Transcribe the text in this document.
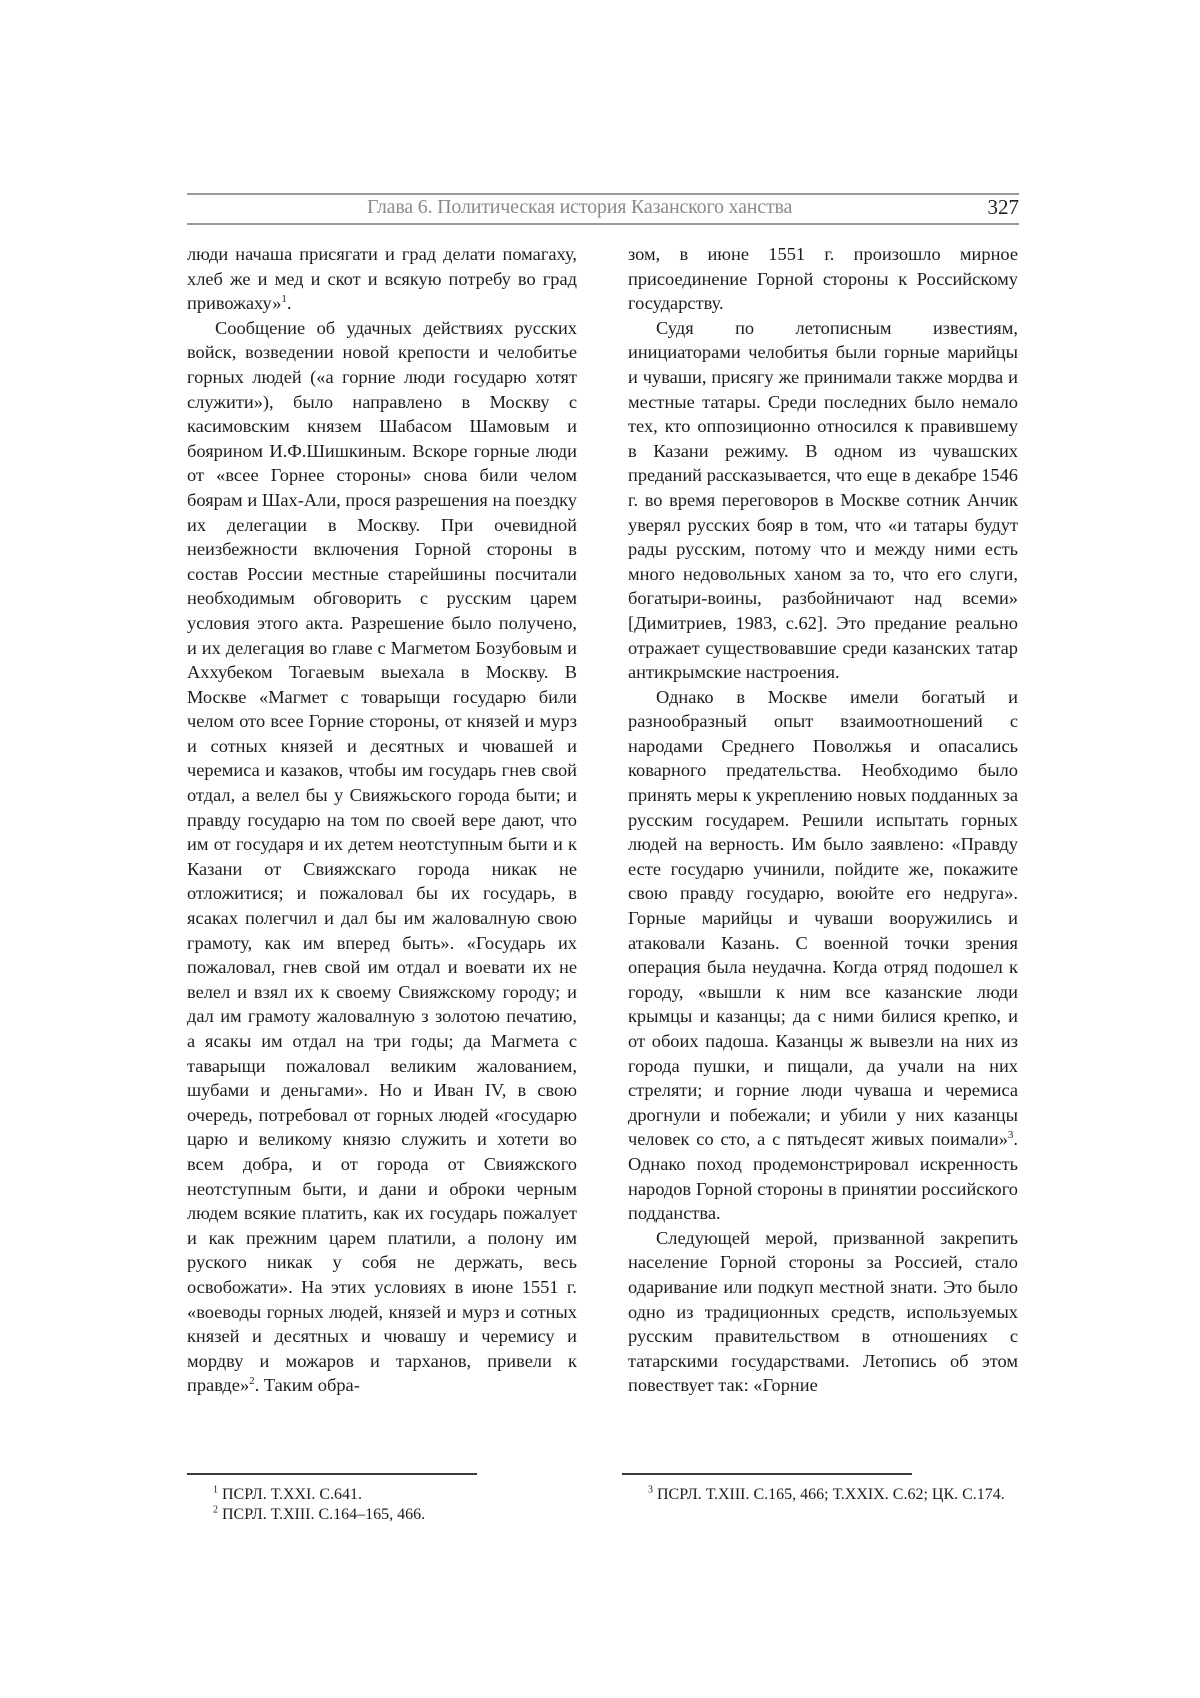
Глава 6. Политическая история Казанского ханства	327

люди начаша присягати и град делати помагаху, хлеб же и мед и скот и всякую потребу во град привожаху»$^1$.

Сообщение об удачных действиях русских войск, возведении новой крепости и челобитье горных людей («а горние люди государю хотят служити»), было направлено в Москву с касимовским князем Шабасом Шамовым и боярином И.Ф.Шишкиным. Вскоре горные люди от «всее Горнее стороны» снова били челом боярам и Шах-Али, прося разрешения на поездку их делегации в Москву. При очевидной неизбежности включения Горной стороны в состав России местные старейшины посчитали необходимым обговорить с русским царем условия этого акта. Разрешение было получено, и их делегация во главе с Магметом Бозубовым и Аххубеком Тогаевым выехала в Москву. В Москве «Магмет с товарыщи государю били челом ото всее Горние стороны, от князей и мурз и сотных князей и десятных и чювашей и черемиса и казаков, чтобы им государь гнев свой отдал, а велел бы у Свияжьского города быти; и правду государю на том по своей вере дают, что им от государя и их детем неотступным быти и к Казани от Свияжскаго города никак не отложитися; и пожаловал бы их государь, в ясаках полегчил и дал бы им жаловалную свою грамоту, как им вперед быть». «Государь их пожаловал, гнев свой им отдал и воевати их не велел и взял их к своему Свияжскому городу; и дал им грамоту жаловалную з золотою печатию, а ясакы им отдал на три годы; да Магмета с таварыщи пожаловал великим жалованием, шубами и деньгами». Но и Иван IV, в свою очередь, потребовал от горных людей «государю царю и великому князю служить и хотети во всем добра, и от города от Свияжского неотступным быти, и дани и оброки черным людем всякие платить, как их государь пожалует и как прежним царем платили, а полону им руского никак у собя не держать, весь освобожати». На этих условиях в июне 1551 г. «воеводы горных людей, князей и мурз и сотных князей и десятных и чювашу и черемису и мордву и можаров и тарханов, привели к правде»$^2$. Таким обра-

зом, в июне 1551 г. произошло мирное присоединение Горной стороны к Российскому государству.

Судя по летописным известиям, инициаторами челобитья были горные марийцы и чуваши, присягу же принимали также мордва и местные татары. Среди последних было немало тех, кто оппозиционно относился к правившему в Казани режиму. В одном из чувашских преданий рассказывается, что еще в декабре 1546 г. во время переговоров в Москве сотник Анчик уверял русских бояр в том, что «и татары будут рады русским, потому что и между ними есть много недовольных ханом за то, что его слуги, богатыри-воины, разбойничают над всеми» [Димитриев, 1983, с.62]. Это предание реально отражает существовавшие среди казанских татар антикрымские настроения.

Однако в Москве имели богатый и разнообразный опыт взаимоотношений с народами Среднего Поволжья и опасались коварного предательства. Необходимо было принять меры к укреплению новых подданных за русским государем. Решили испытать горных людей на верность. Им было заявлено: «Правду есте государю учинили, пойдите же, покажите свою правду государю, воюйте его недруга». Горные марийцы и чуваши вооружились и атаковали Казань. С военной точки зрения операция была неудачна. Когда отряд подошел к городу, «вышли к ним все казанские люди крымцы и казанцы; да с ними билися крепко, и от обоих падоша. Казанцы ж вывезли на них из города пушки, и пищали, да учали на них стреляти; и горние люди чуваша и черемиса дрогнули и побежали; и убили у них казанцы человек со сто, а с пятьдесят живых поимали»$^3$. Однако поход продемонстрировал искренность народов Горной стороны в принятии российского подданства.

Следующей мерой, призванной закрепить население Горной стороны за Россией, стало одаривание или подкуп местной знати. Это было одно из традиционных средств, используемых русским правительством в отношениях с татарскими государствами. Летопись об этом повествует так: «Горние

$^1$ ПСРЛ. Т.XXI. С.641.

$^2$ ПСРЛ. Т.XIII. С.164–165, 466.

$^3$ ПСРЛ. Т.XIII. С.165, 466; Т.XXIX. С.62; ЦК. С.174.
